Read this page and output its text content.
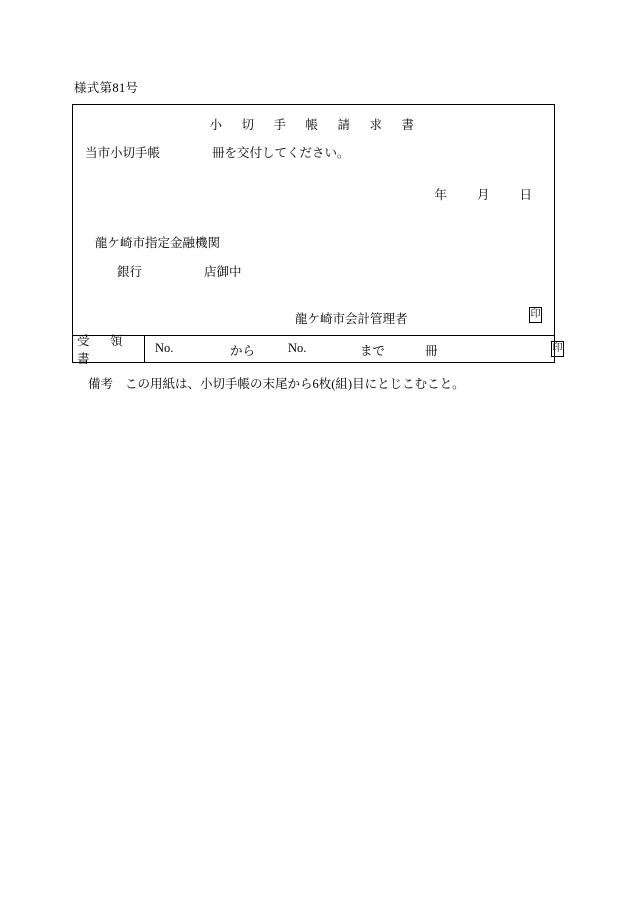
様式第81号
小　切　手　帳　請　求　書
当市小切手帳	冊を交付してください。
年 月 日
龍ケ崎市指定金融機関
銀行	店御中
龍ケ崎市会計管理者	印
受　領　書
No.	から	No.	まで	冊	印
備考 この用紙は、小切手帳の末尾から6枚(組)目にとじこむこと。
